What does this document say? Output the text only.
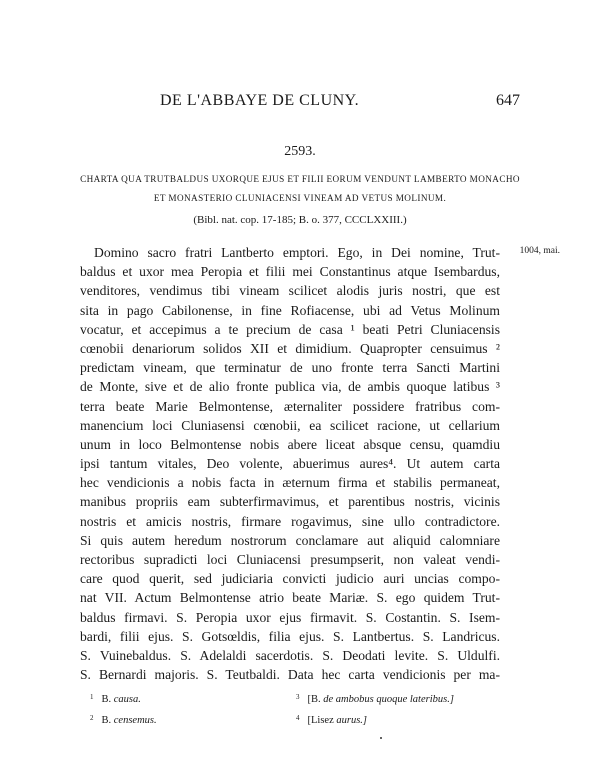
DE L'ABBAYE DE CLUNY.	647
2593.
CHARTA QUA TRUTBALDUS UXORQUE EJUS ET FILII EORUM VENDUNT LAMBERTO MONACHO
ET MONASTERIO CLUNIACENSI VINEAM AD VETUS MOLINUM.
(Bibl. nat. cop. 17-185; B. o. 377, CCCLXXIII.)
1004, mai.
Domino sacro fratri Lantberto emptori. Ego, in Dei nomine, Trut-
baldus et uxor mea Peropia et filii mei Constantinus atque Isembardus,
venditores, vendimus tibi vineam scilicet alodis juris nostri, que est
sita in pago Cabilonense, in fine Rofiacense, ubi ad Vetus Molinum
vocatur, et accepimus a te precium de casa ¹ beati Petri Cluniacensis
cœnobii denariorum solidos XII et dimidium. Quapropter censuimus ²
predictam vineam, que terminatur de uno fronte terra Sancti Martini
de Monte, sive et de alio fronte publica via, de ambis quoque latibus ³
terra beate Marie Belmontense, æternaliter possidere fratribus com-
manencium loci Cluniasensi cœnobii, ea scilicet racione, ut cellarium
unum in loco Belmontense nobis abere liceat absque censu, quamdiu
ipsi tantum vitales, Deo volente, abuerimus aures⁴. Ut autem carta
hec vendicionis a nobis facta in æternum firma et stabilis permaneat,
manibus propriis eam subterfirmavimus, et parentibus nostris, vicinis
nostris et amicis nostris, firmare rogavimus, sine ullo contradictore.
Si quis autem heredum nostrorum conclamare aut aliquid calomniare
rectoribus supradicti loci Cluniacensi presumpserit, non valeat vendi-
care quod querit, sed judiciaria convicti judicio auri uncias compo-
nat VII. Actum Belmontense atrio beate Mariæ. S. ego quidem Trut-
baldus firmavi. S. Peropia uxor ejus firmavit. S. Costantin. S. Isem-
bardi, filii ejus. S. Gotsœldis, filia ejus. S. Lantbertus. S. Landricus.
S. Vuinebaldus. S. Adelaldi sacerdotis. S. Deodati levite. S. Uldulfi.
S. Bernardi majoris. S. Teutbaldi. Data hec carta vendicionis per ma-
$^1$ B. causa.
$^2$ B. censemus.
$^3$ [B. de ambobus quoque lateribus.]
$^4$ [Lisez aurus.]
